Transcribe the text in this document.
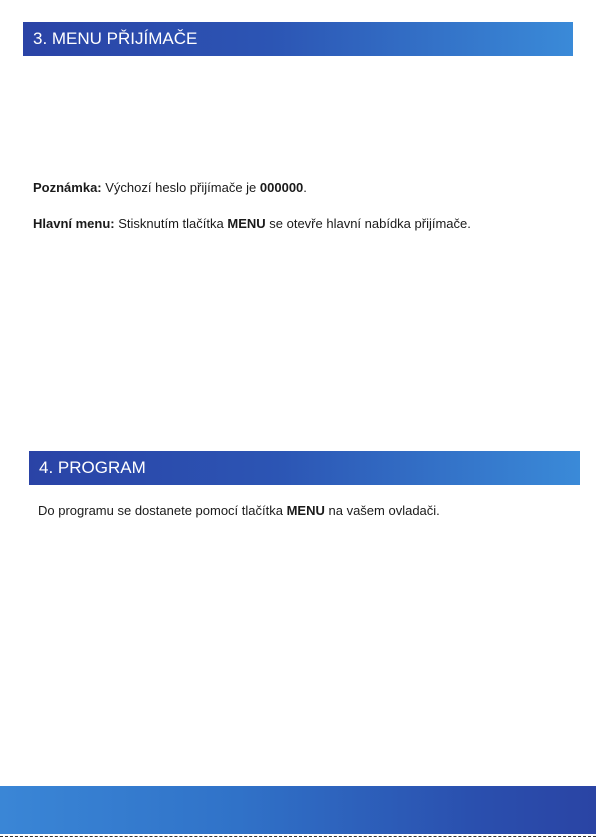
3. MENU PŘIJÍMAČE
Poznámka: Výchozí heslo přijímače je 000000.
Hlavní menu: Stisknutím tlačítka MENU se otevře hlavní nabídka přijímače.
4. PROGRAM
Do programu se dostanete pomocí tlačítka MENU na vašem ovladači.
